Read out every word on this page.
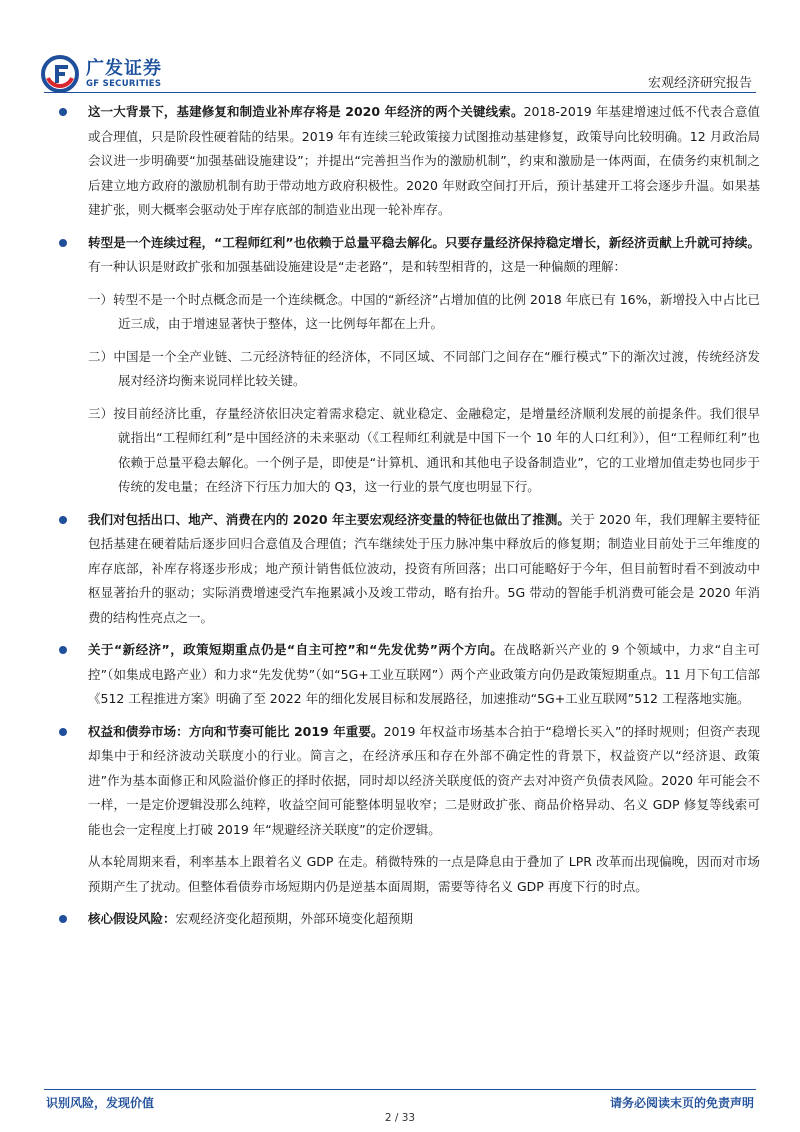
广发证券
GF SECURITIES	宏观经济研究报告

这一大背景下，基建修复和制造业补库存将是 2020 年经济的两个关键线索。2018-2019 年基建增速过低不代表合意值或合理值，只是阶段性硬着陆的结果。2019 年有连续三轮政策接力试图推动基建修复，政策导向比较明确。12 月政治局会议进一步明确要“加强基础设施建设”；并提出“完善担当作为的激励机制”，约束和激励是一体两面，在债务约束机制之后建立地方政府的激励机制有助于带动地方政府积极性。2020 年财政空间打开后，预计基建开工将会逐步升温。如果基建扩张，则大概率会驱动处于库存底部的制造业出现一轮补库存。

转型是一个连续过程，“工程师红利”也依赖于总量平稳去解化。只要存量经济保持稳定增长，新经济贡献上升就可持续。有一种认识是财政扩张和加强基础设施建设是“走老路”，是和转型相背的，这是一种偏颇的理解：

一）转型不是一个时点概念而是一个连续概念。中国的“新经济”占增加值的比例 2018 年底已有 16%，新增投入中占比已近三成，由于增速显著快于整体，这一比例每年都在上升。

二）中国是一个全产业链、二元经济特征的经济体，不同区域、不同部门之间存在“雁行模式”下的渐次过渡，传统经济发展对经济均衡来说同样比较关键。

三）按目前经济比重，存量经济依旧决定着需求稳定、就业稳定、金融稳定，是增量经济顺利发展的前提条件。我们很早就指出“工程师红利”是中国经济的未来驱动（《工程师红利就是中国下一个 10 年的人口红利》），但“工程师红利”也依赖于总量平稳去解化。一个例子是，即使是“计算机、通讯和其他电子设备制造业”，它的工业增加值走势也同步于传统的发电量；在经济下行压力加大的 Q3，这一行业的景气度也明显下行。

我们对包括出口、地产、消费在内的 2020 年主要宏观经济变量的特征也做出了推测。关于 2020 年，我们理解主要特征包括基建在硬着陆后逐步回归合意值及合理值；汽车继续处于压力脉冲集中释放后的修复期；制造业目前处于三年维度的库存底部，补库存将逐步形成；地产预计销售低位波动，投资有所回落；出口可能略好于今年，但目前暂时看不到波动中枢显著抬升的驱动；实际消费增速受汽车拖累减小及竣工带动，略有抬升。5G 带动的智能手机消费可能会是 2020 年消费的结构性亮点之一。

关于“新经济”，政策短期重点仍是“自主可控”和“先发优势”两个方向。在战略新兴产业的 9 个领域中，力求“自主可控”（如集成电路产业）和力求“先发优势”（如“5G+工业互联网”）两个产业政策方向仍是政策短期重点。11 月下旬工信部《512 工程推进方案》明确了至 2022 年的细化发展目标和发展路径，加速推动“5G+工业互联网”512 工程落地实施。

权益和债券市场：方向和节奏可能比 2019 年重要。2019 年权益市场基本合拍于“稳增长买入”的择时规则；但资产表现却集中于和经济波动关联度小的行业。简言之，在经济承压和存在外部不确定性的背景下，权益资产以“经济退、政策进”作为基本面修正和风险溢价修正的择时依据，同时却以经济关联度低的资产去对冲资产负债表风险。2020 年可能会不一样，一是定价逻辑没那么纯粹，收益空间可能整体明显收窄；二是财政扩张、商品价格异动、名义 GDP 修复等线索可能也会一定程度上打破 2019 年“规避经济关联度”的定价逻辑。

从本轮周期来看，利率基本上跟着名义 GDP 在走。稍微特殊的一点是降息由于叠加了 LPR 改革而出现偏晚，因而对市场预期产生了扰动。但整体看债券市场短期内仍是逆基本面周期，需要等待名义 GDP 再度下行的时点。

核心假设风险：宏观经济变化超预期，外部环境变化超预期

识别风险，发现价值	请务必阅读末页的免责声明
2 / 33
